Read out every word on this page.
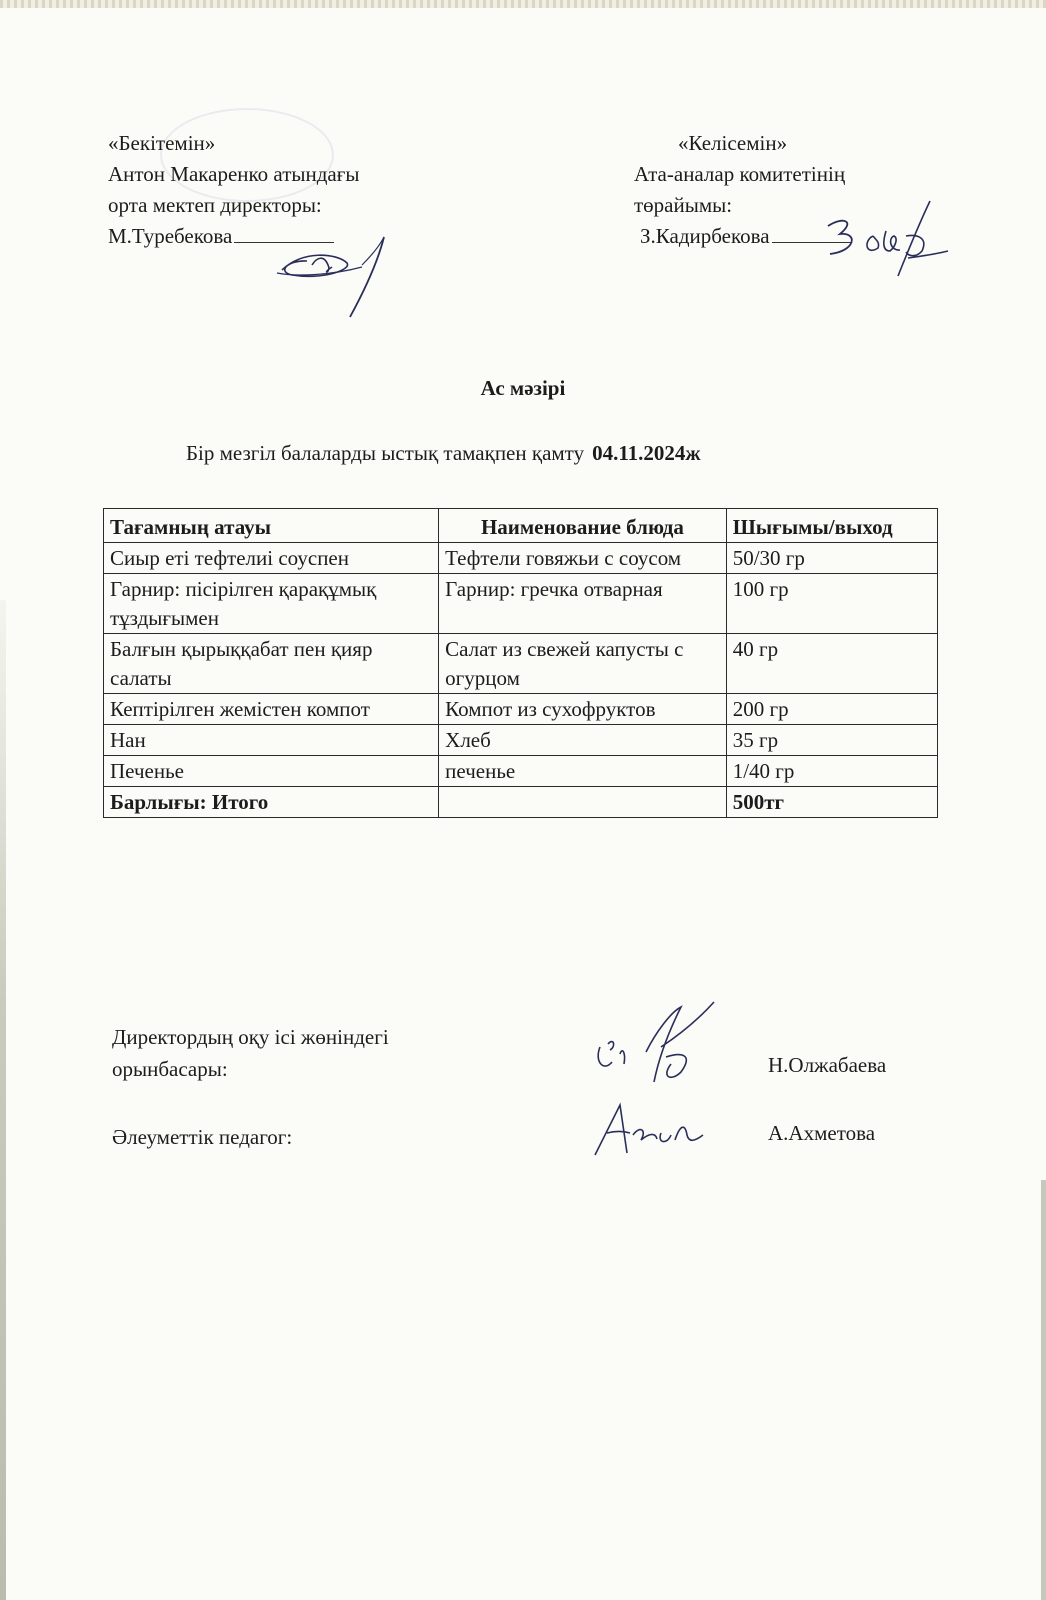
«Бекітемін»
Антон Макаренко атындағы
орта мектеп директоры:
М.Туребекова
«Келісемін»
Ата-аналар комитетінің
төрайымы:
З.Кадирбекова
Ас мәзірі
Бір мезгіл балаларды ыстық тамақпен қамту 04.11.2024ж
Тағамның атауы	Наименование блюда	Шығымы/выход
Сиыр еті тефтелиі соуспен	Тефтели говяжьи с соусом	50/30 гр
Гарнир: пісірілген қарақұмық тұздығымен	Гарнир: гречка отварная	100 гр
Балғын қырыққабат пен қияр салаты	Салат из свежей капусты с огурцом	40 гр
Кептірілген жемістен компот	Компот из сухофруктов	200 гр
Нан	Хлеб	35 гр
Печенье	печенье	1/40 гр
Барлығы: Итого		500тг
Директордың оқу ісі жөніндегі
орынбасары:	Н.Олжабаева
Әлеуметтік педагог:	А.Ахметова
